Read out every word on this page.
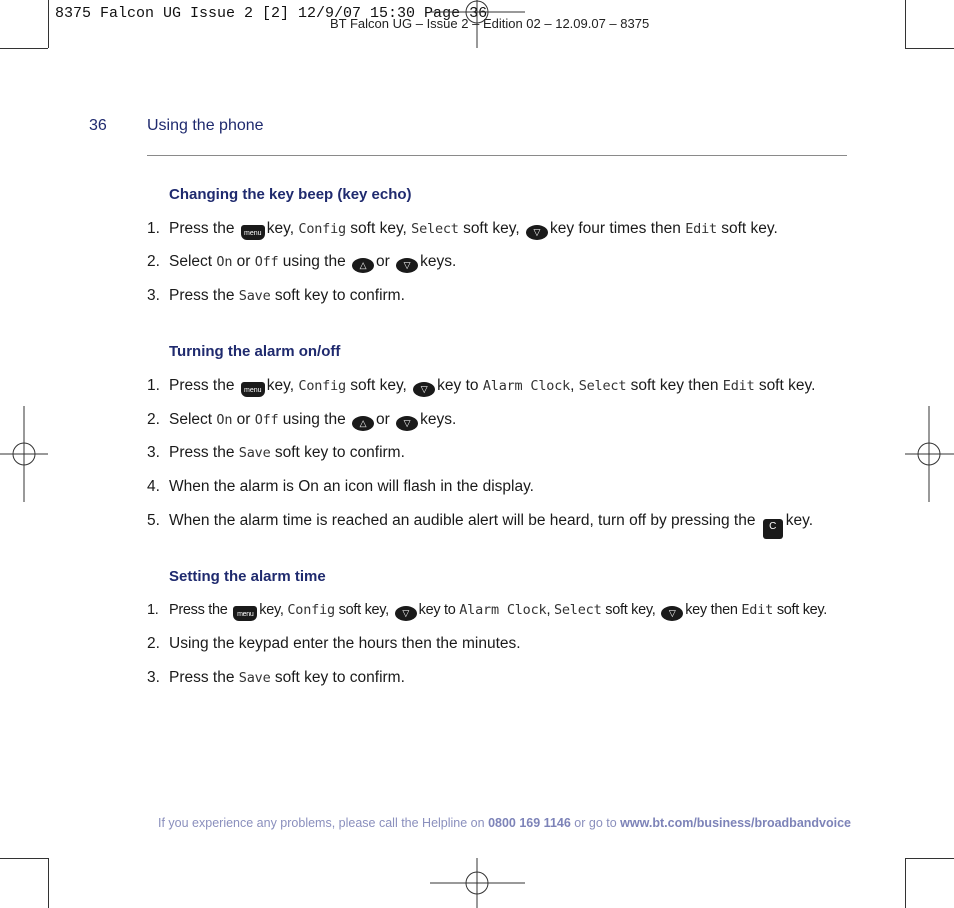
BT Falcon UG – Issue 2 – Edition 02 – 12.09.07 – 8375
8375 Falcon UG Issue 2 [2] 12/9/07 15:30 Page 36
36	Using the phone
Changing the key beep (key echo)
1. Press the menu key, Config soft key, Select soft key, ▽ key four times then Edit soft key.
2. Select On or Off using the △ or ▽ keys.
3. Press the Save soft key to confirm.
Turning the alarm on/off
1. Press the menu key, Config soft key, ▽ key to Alarm Clock, Select soft key then Edit soft key.
2. Select On or Off using the △ or ▽ keys.
3. Press the Save soft key to confirm.
4. When the alarm is On an icon will flash in the display.
5. When the alarm time is reached an audible alert will be heard, turn off by pressing the C key.
Setting the alarm time
1. Press the menu key, Config soft key, ▽ key to Alarm Clock, Select soft key, ▽ key then Edit soft key.
2. Using the keypad enter the hours then the minutes.
3. Press the Save soft key to confirm.
If you experience any problems, please call the Helpline on 0800 169 1146 or go to www.bt.com/business/broadbandvoice
